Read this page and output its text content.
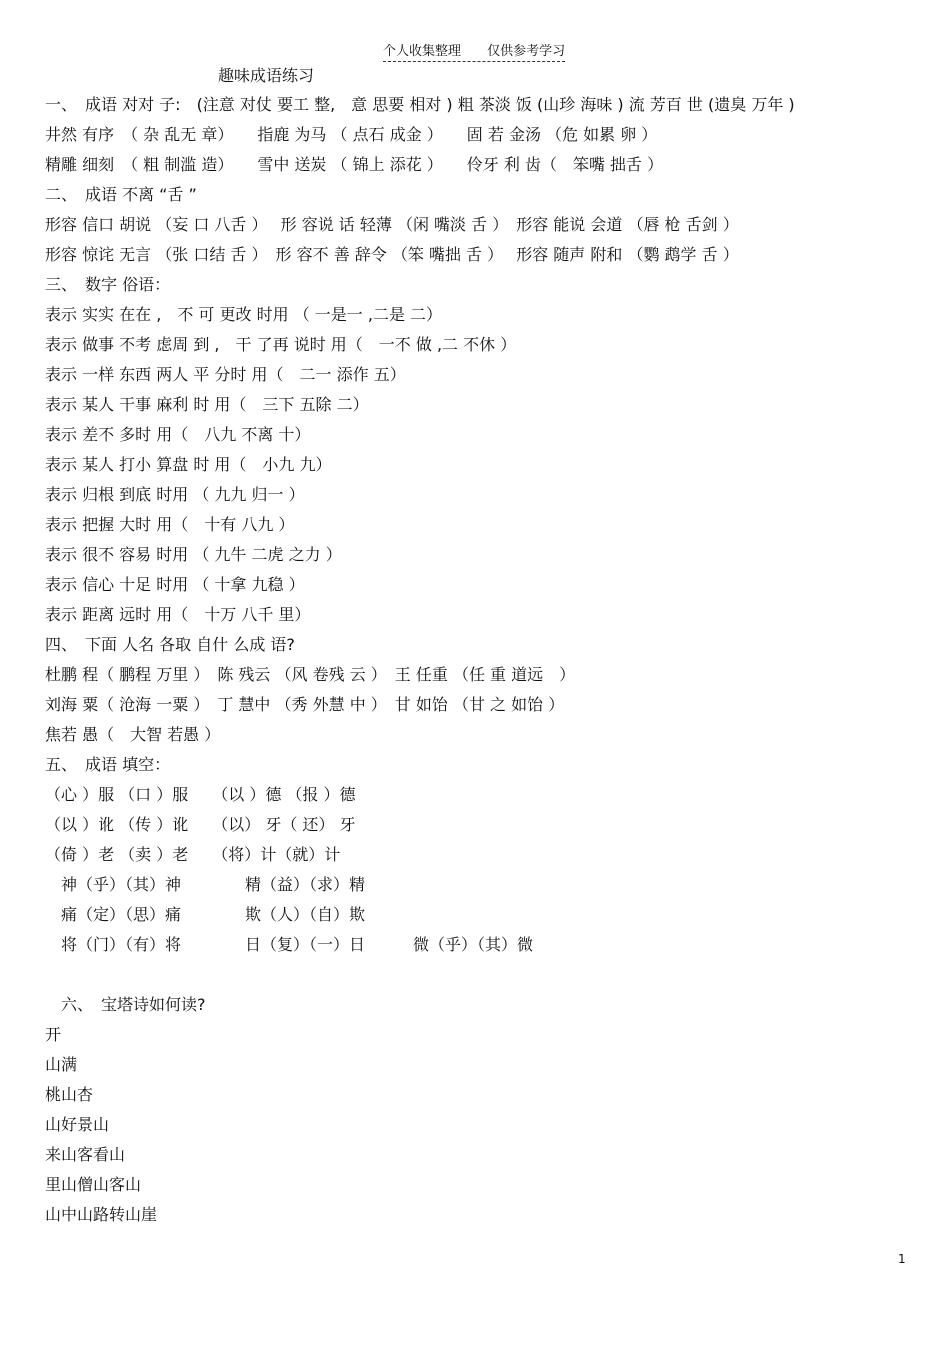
个人收集整理 仅供参考学习
趣味成语练习
一、　成语 对对 子:　(注意 对仗 要工 整,　意 思要 相对 ) 粗 茶淡 饭 (山珍 海味 ) 流 芳百 世 (遗臭 万年 )
井然 有序　（ 杂 乱无 章）　　指鹿 为马 （ 点石 成金 ）　　固 若 金汤 （危 如累 卵 ）
精雕 细刻　（ 粗 制滥 造）　　雪中 送炭 （ 锦上 添花 ）　　伶牙 利 齿（　笨嘴 拙舌 ）
二、　成语 不离 “舌 ”
形容 信口 胡说 （妄 口 八舌 ）　 形 容说 话 轻薄 （闲 嘴淡 舌 ）　形容 能说 会道 （唇 枪 舌剑 ）
形容 惊诧 无言 （张 口结 舌 ）　形 容不 善 辞令 （笨 嘴拙 舌 ）　 形容 随声 附和 （鹦 鹉学 舌 ）
三、　数字 俗语：
表示 实实 在在 ,　不 可 更改 时用 （ 一是一 ,二是 二）
表示 做事 不考 虑周 到 ,　干 了再 说时 用（　一不 做 ,二 不休 ）
表示 一样 东西 两人 平 分时 用（　二一 添作 五）
表示 某人 干事 麻利 时 用（　三下 五除 二）
表示 差不 多时 用（　八九 不离 十）
表示 某人 打小 算盘 时 用（　小九 九）
表示 归根 到底 时用 （ 九九 归一 ）
表示 把握 大时 用（　十有 八九 ）
表示 很不 容易 时用 （ 九牛 二虎 之力 ）
表示 信心 十足 时用 （ 十拿 九稳 ）
表示 距离 远时 用（　十万 八千 里）
四、　下面 人名 各取 自什 么成 语?
杜鹏 程（ 鹏程 万里 ）　陈 残云 （风 卷残 云 ）　王 任重 （任 重 道远　）
刘海 粟（ 沧海 一粟 ）　丁 慧中 （秀 外慧 中 ）　甘 如饴 （甘 之 如饴 ）
焦若 愚（　大智 若愚 ）
五、　成语 填空：
（心 ）服 （口 ）服　　（以 ）德 （报 ）德
（以 ）讹 （传 ）讹　　（以） 牙（ 还） 牙
（倚 ）老 （卖 ）老　　（将）计（就）计
　神（乎）（其）神　　　　精（益）（求）精
　痛（定）（思）痛　　　　欺（人）（自）欺
　将（门）（有）将　　　　日（复）（一）日　　　微（乎）（其）微
　六、　宝塔诗如何读?
开
山满
桃山杏
山好景山
来山客看山
里山僧山客山
山中山路转山崖
1
